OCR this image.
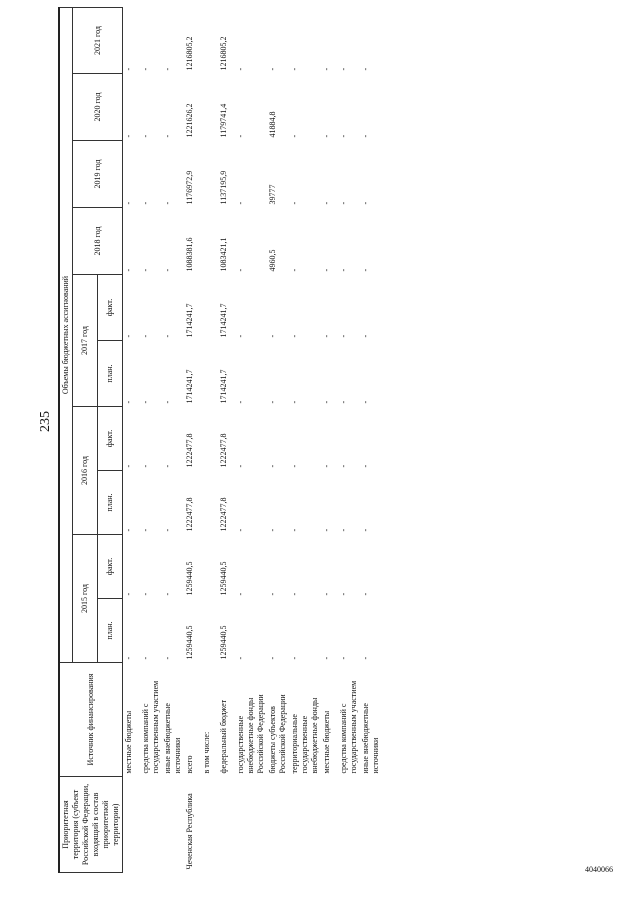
235
Приоритетная территория (субъект Российской Федерации, входящий в состав приоритетной территории)	Источник финансирования	Объемы бюджетных ассигнований									
		2015 год		2016 год		2017 год		2018 год	2019 год	2020 год	2021 год
		план.	факт.	план.	факт.	план.	факт.				

	местные бюджеты	-	-	-	-	-	-	-	-	-	-
	средства компаний с государственным участием	-	-	-	-	-	-	-	-	-	-
	иные внебюджетные источники	-	-	-	-	-	-	-	-	-	-
Чеченская Республика	всего	1259440,5	1259440,5	1222477,8	1222477,8	1714241,7	1714241,7	1088381,6	1176972,9	1221626,2	1216805,2
	в том числе:										
	федеральный бюджет	1259440,5	1259440,5	1222477,8	1222477,8	1714241,7	1714241,7	1083421,1	1137195,9	1179741,4	1216805,2
	государственные внебюджетные фонды Российской Федерации	-	-	-	-	-	-	-	-	-	-
	бюджеты субъектов Российской Федерации	-	-	-	-	-	-	4960,5	39777	41884,8	-
	территориальные государственные внебюджетные фонды	-	-	-	-	-	-	-	-	-	-
	местные бюджеты	-	-	-	-	-	-	-	-	-	-
	средства компаний с государственным участием	-	-	-	-	-	-	-	-	-	-
	иные внебюджетные источники	-	-	-	-	-	-	-	-	-	-
4040066
